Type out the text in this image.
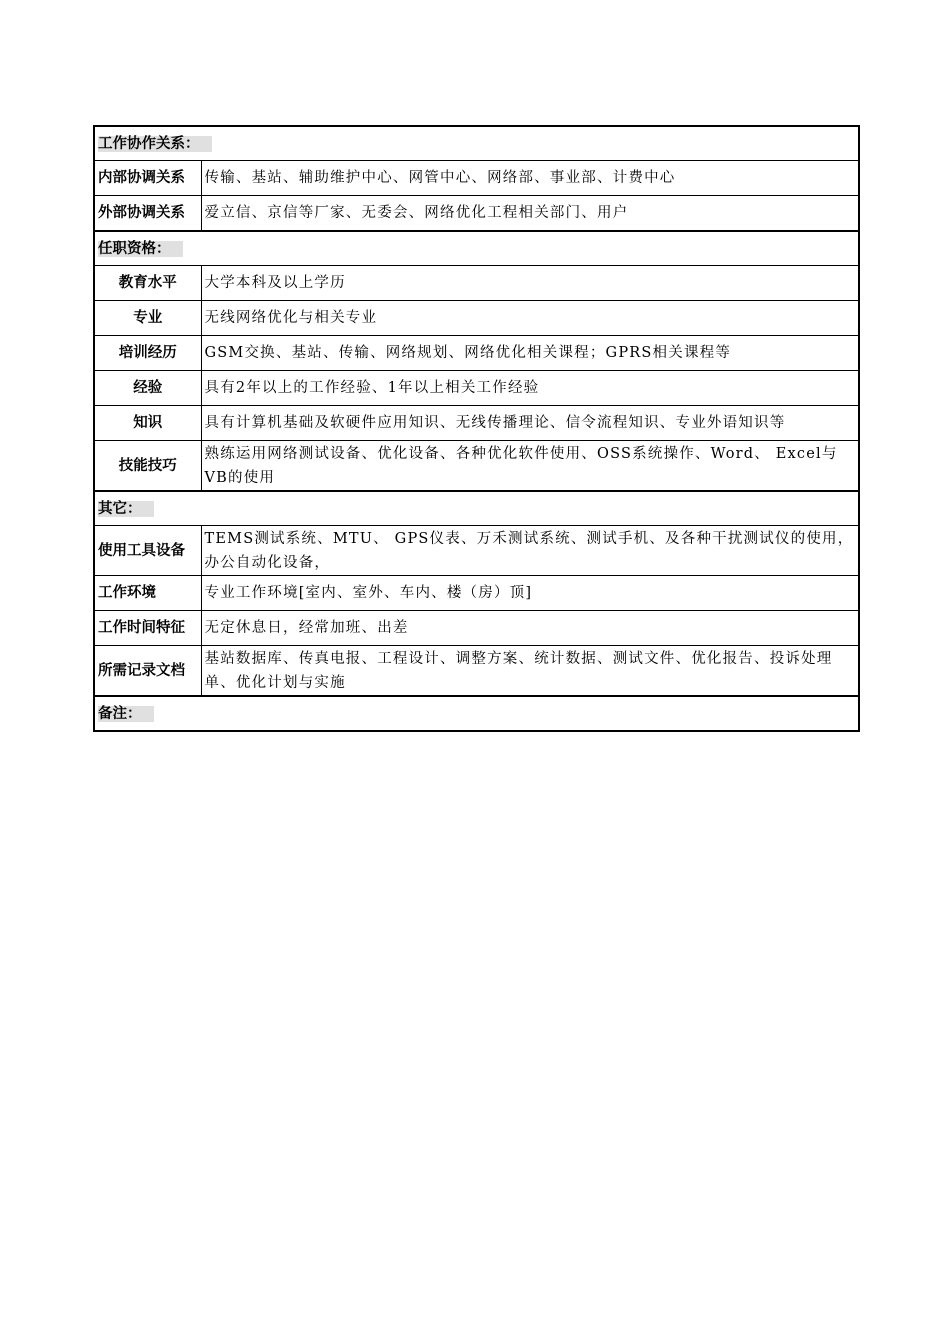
工作协作关系：	
内部协调关系	传输、基站、辅助维护中心、网管中心、网络部、事业部、计费中心
外部协调关系	爱立信、京信等厂家、无委会、网络优化工程相关部门、用户
任职资格：	
教育水平	大学本科及以上学历
专业	无线网络优化与相关专业
培训经历	GSM交换、基站、传输、网络规划、网络优化相关课程；GPRS相关课程等
经验	具有2年以上的工作经验、1年以上相关工作经验
知识	具有计算机基础及软硬件应用知识、无线传播理论、信令流程知识、专业外语知识等
技能技巧	熟练运用网络测试设备、优化设备、各种优化软件使用、OSS系统操作、Word、 Excel与VB的使用
其它：	
使用工具设备	TEMS测试系统、MTU、 GPS仪表、万禾测试系统、测试手机、及各种干扰测试仪的使用，办公自动化设备，
工作环境	专业工作环境[室内、室外、车内、楼（房）顶]
工作时间特征	无定休息日，经常加班、出差
所需记录文档	基站数据库、传真电报、工程设计、调整方案、统计数据、测试文件、优化报告、投诉处理单、优化计划与实施
备注：	
